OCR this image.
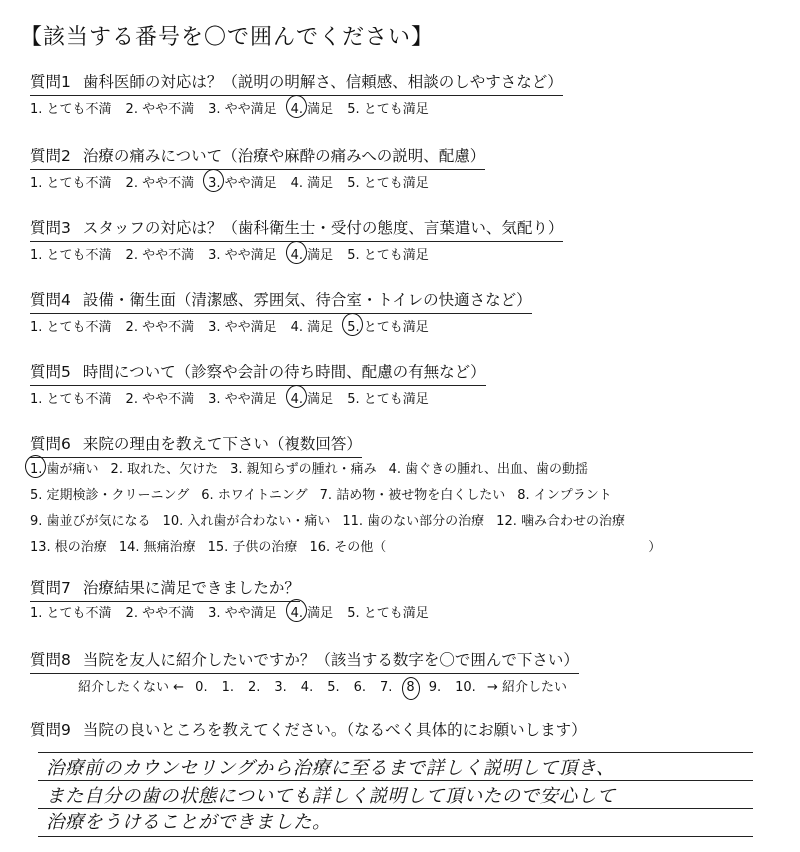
【該当する番号を〇で囲んでください】
質問1 歯科医師の対応は？（説明の明解さ、信頼感、相談のしやすさなど）
1. とても不満 2. やや不満 3. やや満足 4. 満足 5. とても満足
質問2 治療の痛みについて（治療や麻酔の痛みへの説明、配慮）
1. とても不満 2. やや不満 3. やや満足 4. 満足 5. とても満足
質問3 スタッフの対応は？（歯科衛生士・受付の態度、言葉遣い、気配り）
1. とても不満 2. やや不満 3. やや満足 4. 満足 5. とても満足
質問4 設備・衛生面（清潔感、雰囲気、待合室・トイレの快適さなど）
1. とても不満 2. やや不満 3. やや満足 4. 満足 5. とても満足
質問5 時間について（診察や会計の待ち時間、配慮の有無など）
1. とても不満 2. やや不満 3. やや満足 4. 満足 5. とても満足
質問6 来院の理由を教えて下さい（複数回答）
1. 歯が痛い 2. 取れた、欠けた 3. 親知らずの腫れ・痛み 4. 歯ぐきの腫れ、出血、歯の動揺
5. 定期検診・クリーニング 6. ホワイトニング 7. 詰め物・被せ物を白くしたい 8. インプラント
9. 歯並びが気になる 10. 入れ歯が合わない・痛い 11. 歯のない部分の治療 12. 噛み合わせの治療
13. 根の治療 14. 無痛治療 15. 子供の治療 16. その他（	）
質問7 治療結果に満足できましたか？
1. とても不満 2. やや不満 3. やや満足 4. 満足 5. とても満足
質問8 当院を友人に紹介したいですか？（該当する数字を〇で囲んで下さい）
紹介したくない ← 0. 1. 2. 3. 4. 5. 6. 7. 8 9. 10. → 紹介したい
質問9 当院の良いところを教えてください。（なるべく具体的にお願いします）
治療前のカウンセリングから治療に至るまで詳しく説明して頂き、
また自分の歯の状態についても詳しく説明して頂いたので安心して
治療をうけることができました。
